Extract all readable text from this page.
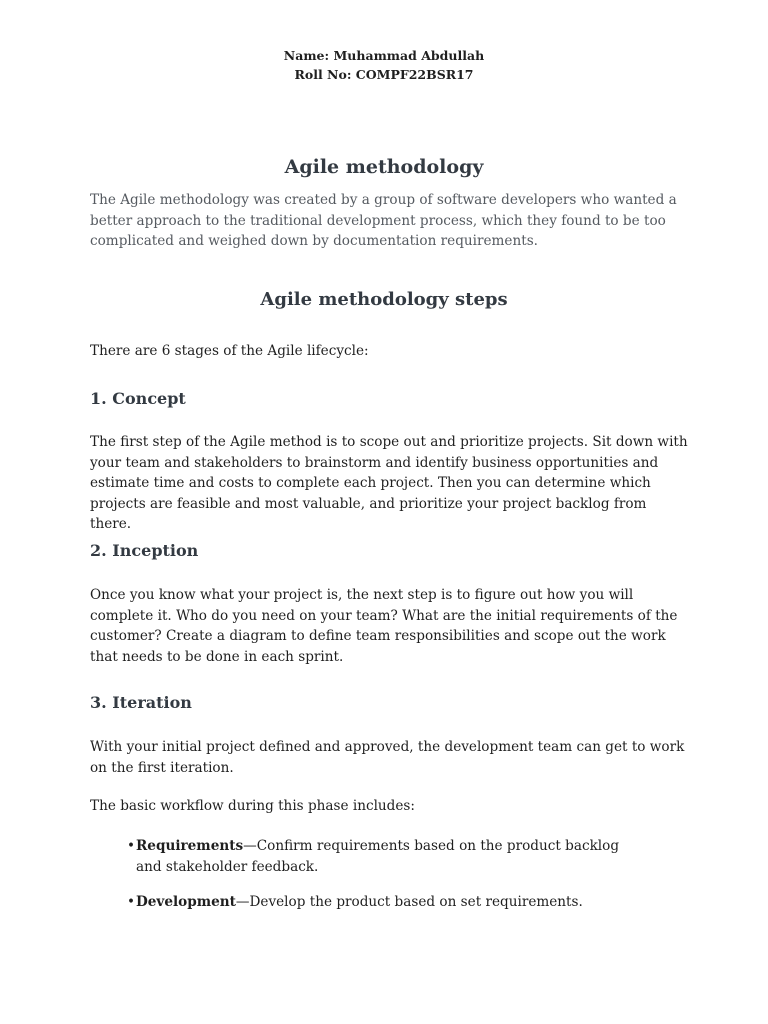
Name: Muhammad Abdullah
Roll No: COMPF22BSR17
Agile methodology
The Agile methodology was created by a group of software developers who wanted a better approach to the traditional development process, which they found to be too complicated and weighed down by documentation requirements.
Agile methodology steps
There are 6 stages of the Agile lifecycle:
1. Concept
The first step of the Agile method is to scope out and prioritize projects. Sit down with your team and stakeholders to brainstorm and identify business opportunities and estimate time and costs to complete each project. Then you can determine which projects are feasible and most valuable, and prioritize your project backlog from there.
2. Inception
Once you know what your project is, the next step is to figure out how you will complete it. Who do you need on your team? What are the initial requirements of the customer? Create a diagram to define team responsibilities and scope out the work that needs to be done in each sprint.
3. Iteration
With your initial project defined and approved, the development team can get to work on the first iteration.
The basic workflow during this phase includes:
• Requirements—Confirm requirements based on the product backlog and stakeholder feedback.
• Development—Develop the product based on set requirements.
